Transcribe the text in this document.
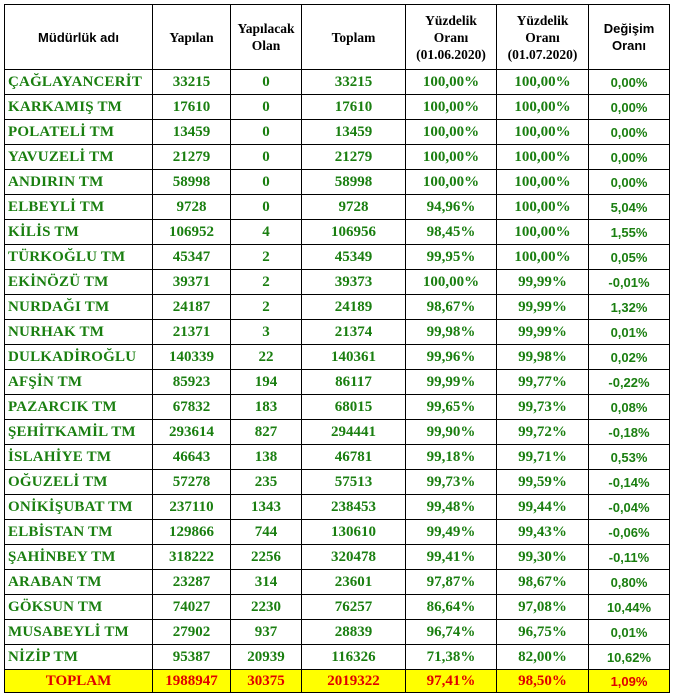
Müdürlük adı	Yapılan	Yapılacak Olan	Toplam	Yüzdelik Oranı (01.06.2020)	Yüzdelik Oranı (01.07.2020)	Değişim Oranı

ÇAĞLAYANCERİT	33215	0	33215	100,00%	100,00%	0,00%
KARKAMIŞ TM	17610	0	17610	100,00%	100,00%	0,00%
POLATELİ TM	13459	0	13459	100,00%	100,00%	0,00%
YAVUZELİ TM	21279	0	21279	100,00%	100,00%	0,00%
ANDIRIN TM	58998	0	58998	100,00%	100,00%	0,00%
ELBEYLİ TM	9728	0	9728	94,96%	100,00%	5,04%
KİLİS TM	106952	4	106956	98,45%	100,00%	1,55%
TÜRKOĞLU TM	45347	2	45349	99,95%	100,00%	0,05%
EKİNÖZÜ TM	39371	2	39373	100,00%	99,99%	-0,01%
NURDAĞI TM	24187	2	24189	98,67%	99,99%	1,32%
NURHAK TM	21371	3	21374	99,98%	99,99%	0,01%
DULKADİROĞLU	140339	22	140361	99,96%	99,98%	0,02%
AFŞİN TM	85923	194	86117	99,99%	99,77%	-0,22%
PAZARCIK TM	67832	183	68015	99,65%	99,73%	0,08%
ŞEHİTKAMİL TM	293614	827	294441	99,90%	99,72%	-0,18%
İSLAHİYE TM	46643	138	46781	99,18%	99,71%	0,53%
OĞUZELİ TM	57278	235	57513	99,73%	99,59%	-0,14%
ONİKİŞUBAT TM	237110	1343	238453	99,48%	99,44%	-0,04%
ELBİSTAN TM	129866	744	130610	99,49%	99,43%	-0,06%
ŞAHİNBEY TM	318222	2256	320478	99,41%	99,30%	-0,11%
ARABAN TM	23287	314	23601	97,87%	98,67%	0,80%
GÖKSUN TM	74027	2230	76257	86,64%	97,08%	10,44%
MUSABEYLİ TM	27902	937	28839	96,74%	96,75%	0,01%
NİZİP TM	95387	20939	116326	71,38%	82,00%	10,62%
TOPLAM	1988947	30375	2019322	97,41%	98,50%	1,09%
